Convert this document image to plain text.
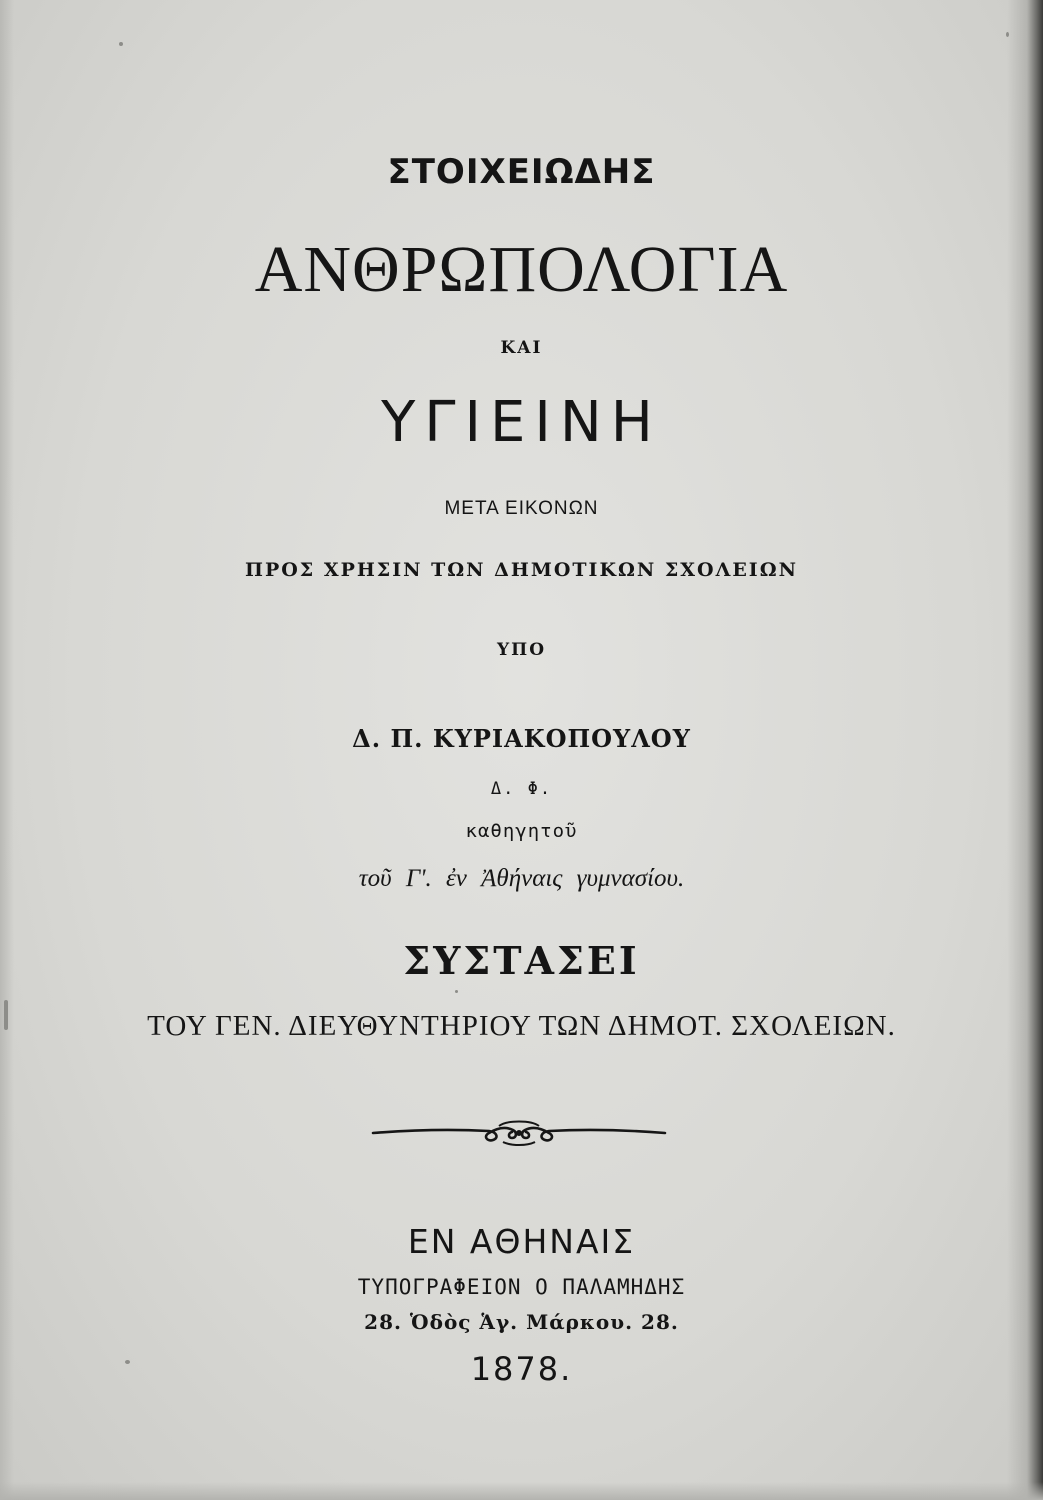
ΣΤΟΙΧΕΙΩΔΗΣ
ΑΝΘΡΩΠΟΛΟΓΙΑ
ΚΑΙ
ΥΓΙΕΙΝΗ
ΜΕΤΑ ΕΙΚΟΝΩΝ
ΠΡΟΣ ΧΡΗΣΙΝ ΤΩΝ ΔΗΜΟΤΙΚΩΝ ΣΧΟΛΕΙΩΝ
ΥΠΟ
Δ. Π. ΚΥΡΙΑΚΟΠΟΥΛΟΥ
Δ. Φ.
καθηγητοῦ
τοῦ Γ'. ἐν Ἀθήναις γυμνασίου.
ΣΥΣΤΑΣΕΙ
ΤΟΥ ΓΕΝ. ΔΙΕΥΘΥΝΤΗΡΙΟΥ ΤΩΝ ΔΗΜΟΤ. ΣΧΟΛΕΙΩΝ.
ΕΝ ΑΘΗΝΑΙΣ
ΤΥΠΟΓΡΑΦΕΙΟΝ Ο ΠΑΛΑΜΗΔΗΣ
28. Ὁδὸς Ἁγ. Μάρκου. 28.
1878.
